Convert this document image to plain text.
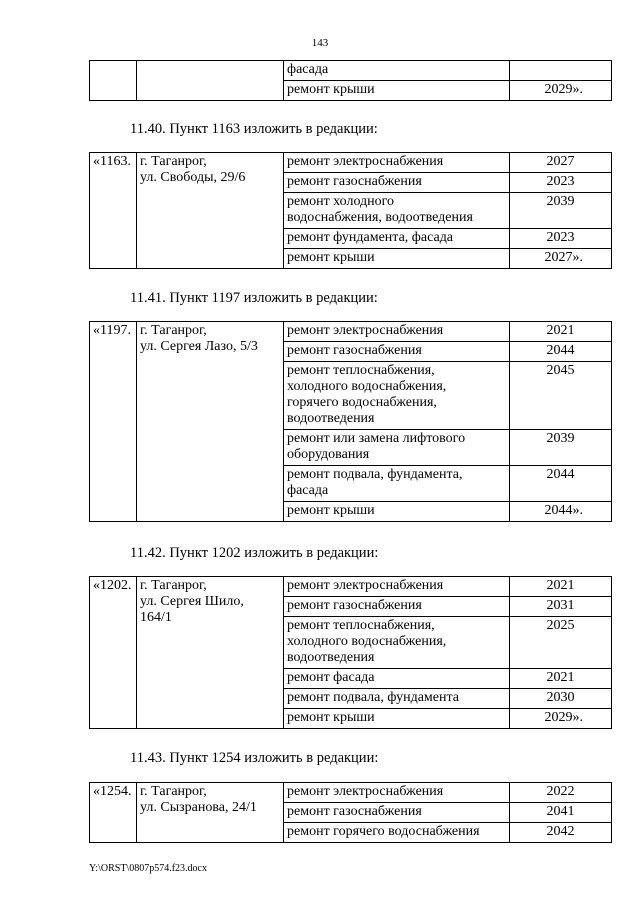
143
		фасада	
		ремонт крыши	2029».
11.40. Пункт 1163 изложить в редакции:
«1163.	г. Таганрог,
ул. Свободы, 29/6	ремонт электроснабжения	2027
		ремонт газоснабжения	2023
		ремонт холодного
водоснабжения, водоотведения	2039
		ремонт фундамента, фасада	2023
		ремонт крыши	2027».
11.41. Пункт 1197 изложить в редакции:
«1197.	г. Таганрог,
ул. Сергея Лазо, 5/3	ремонт электроснабжения	2021
		ремонт газоснабжения	2044
		ремонт теплоснабжения,
холодного водоснабжения,
горячего водоснабжения,
водоотведения	2045
		ремонт или замена лифтового
оборудования	2039
		ремонт подвала, фундамента,
фасада	2044
		ремонт крыши	2044».
11.42. Пункт 1202 изложить в редакции:
«1202.	г. Таганрог,
ул. Сергея Шило,
164/1	ремонт электроснабжения	2021
		ремонт газоснабжения	2031
		ремонт теплоснабжения,
холодного водоснабжения,
водоотведения	2025
		ремонт фасада	2021
		ремонт подвала, фундамента	2030
		ремонт крыши	2029».
11.43. Пункт 1254 изложить в редакции:
«1254.	г. Таганрог,
ул. Сызранова, 24/1	ремонт электроснабжения	2022
		ремонт газоснабжения	2041
		ремонт горячего водоснабжения	2042
Y:\ORST\0807p574.f23.docx
